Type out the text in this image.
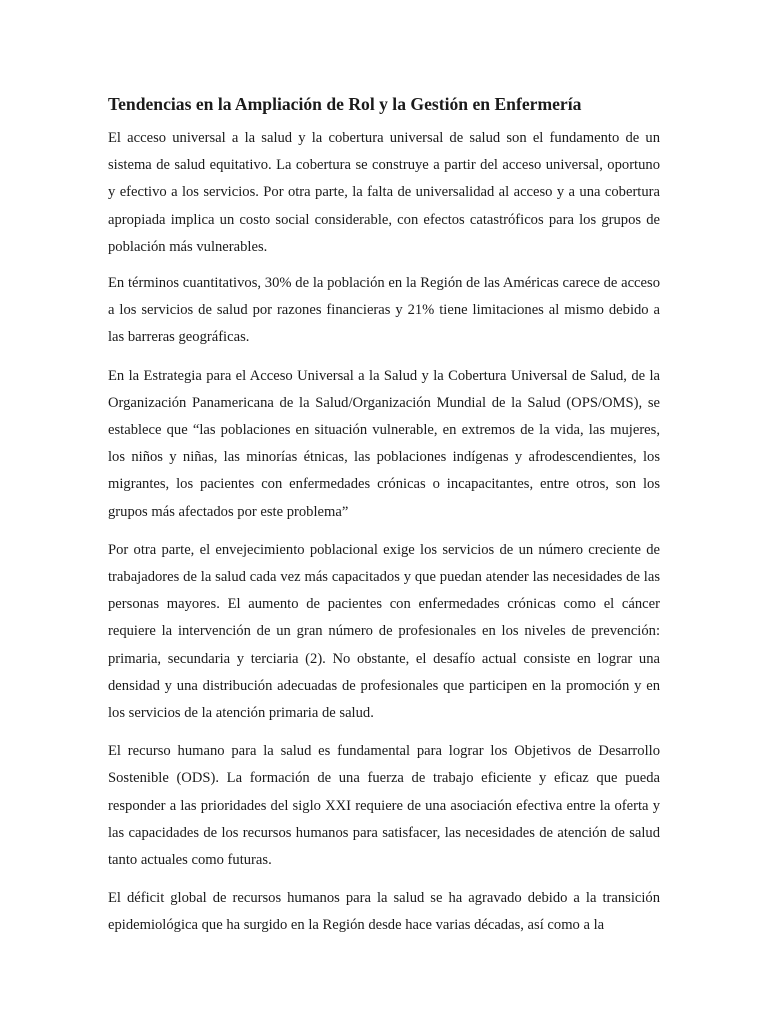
Tendencias en la Ampliación de Rol y la Gestión en Enfermería

El acceso universal a la salud y la cobertura universal de salud son el fundamento de un sistema de salud equitativo. La cobertura se construye a partir del acceso universal, oportuno y efectivo a los servicios. Por otra parte, la falta de universalidad al acceso y a una cobertura apropiada implica un costo social considerable, con efectos catastróficos para los grupos de población más vulnerables.

En términos cuantitativos, 30% de la población en la Región de las Américas carece de acceso a los servicios de salud por razones financieras y 21% tiene limitaciones al mismo debido a las barreras geográficas.

En la Estrategia para el Acceso Universal a la Salud y la Cobertura Universal de Salud, de la Organización Panamericana de la Salud/Organización Mundial de la Salud (OPS/OMS), se establece que “las poblaciones en situación vulnerable, en extremos de la vida, las mujeres, los niños y niñas, las minorías étnicas, las poblaciones indígenas y afrodescendientes, los migrantes, los pacientes con enfermedades crónicas o incapacitantes, entre otros, son los grupos más afectados por este problema”

Por otra parte, el envejecimiento poblacional exige los servicios de un número creciente de trabajadores de la salud cada vez más capacitados y que puedan atender las necesidades de las personas mayores. El aumento de pacientes con enfermedades crónicas como el cáncer requiere la intervención de un gran número de profesionales en los niveles de prevención: primaria, secundaria y terciaria (2). No obstante, el desafío actual consiste en lograr una densidad y una distribución adecuadas de profesionales que participen en la promoción y en los servicios de la atención primaria de salud.

El recurso humano para la salud es fundamental para lograr los Objetivos de Desarrollo Sostenible (ODS). La formación de una fuerza de trabajo eficiente y eficaz que pueda responder a las prioridades del siglo XXI requiere de una asociación efectiva entre la oferta y las capacidades de los recursos humanos para satisfacer, las necesidades de atención de salud tanto actuales como futuras.

El déficit global de recursos humanos para la salud se ha agravado debido a la transición epidemiológica que ha surgido en la Región desde hace varias décadas, así como a la
